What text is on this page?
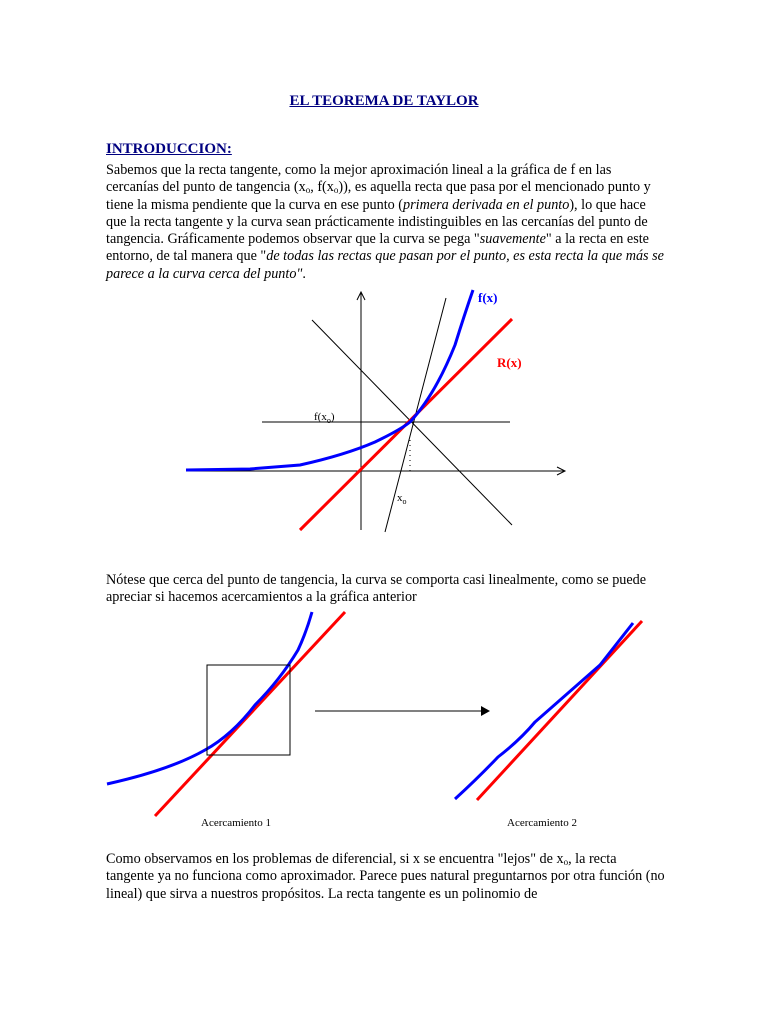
EL TEOREMA DE TAYLOR
INTRODUCCION:
Sabemos que la recta tangente, como la mejor aproximación lineal a la gráfica de f en las cercanías del punto de tangencia ($x_o$, $f(x_o)$), es aquella recta que pasa por el mencionado punto y tiene la misma pendiente que la curva en ese punto (primera derivada en el punto), lo que hace que la recta tangente y la curva sean prácticamente indistinguibles en las cercanías del punto de tangencia. Gráficamente podemos observar que la curva se pega "suavemente" a la recta en este entorno, de tal manera que "de todas las rectas que pasan por el punto, es esta recta la que más se parece a la curva cerca del punto".
f(x)
R(x)
$f(x_o)$
$x_o$
Nótese que cerca del punto de tangencia, la curva se comporta casi linealmente, como se puede apreciar si hacemos acercamientos a la gráfica anterior
Acercamiento 1	Acercamiento 2
Como observamos en los problemas de diferencial, si x se encuentra "lejos" de $x_o$, la recta tangente ya no funciona como aproximador. Parece pues natural preguntarnos por otra función (no lineal) que sirva a nuestros propósitos. La recta tangente es un polinomio de
